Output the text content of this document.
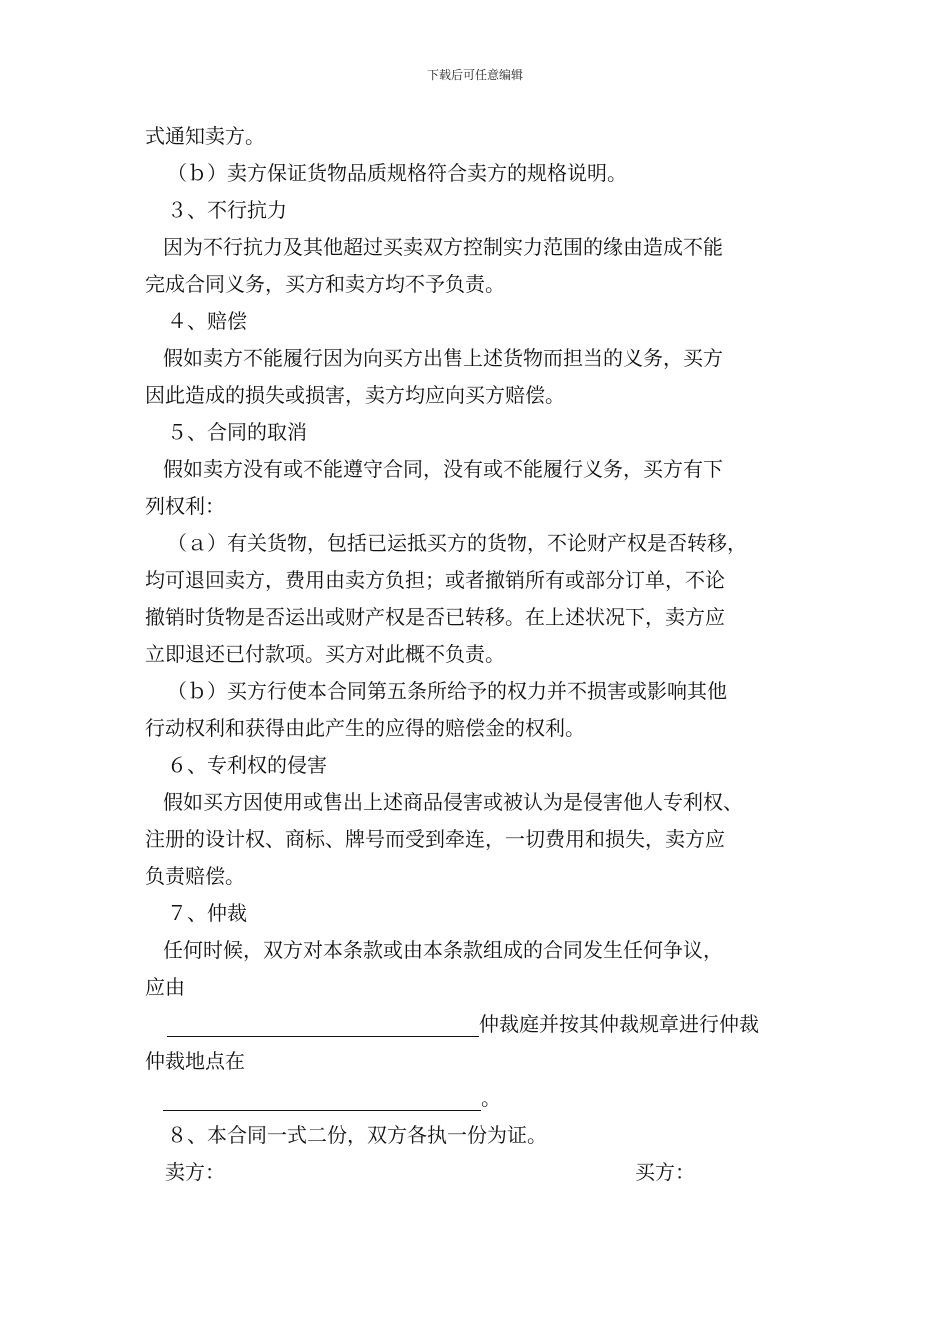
下载后可任意编辑
式通知卖方。
（ｂ）卖方保证货物品质规格符合卖方的规格说明。
３、不行抗力
因为不行抗力及其他超过买卖双方控制实力范围的缘由造成不能
完成合同义务，买方和卖方均不予负责。
４、赔偿
假如卖方不能履行因为向买方出售上述货物而担当的义务，买方
因此造成的损失或损害，卖方均应向买方赔偿。
５、合同的取消
假如卖方没有或不能遵守合同，没有或不能履行义务，买方有下
列权利：
（ａ）有关货物，包括已运抵买方的货物，不论财产权是否转移，
均可退回卖方，费用由卖方负担；或者撤销所有或部分订单，不论
撤销时货物是否运出或财产权是否已转移。在上述状况下，卖方应
立即退还已付款项。买方对此概不负责。
（ｂ）买方行使本合同第五条所给予的权力并不损害或影响其他
行动权利和获得由此产生的应得的赔偿金的权利。
６、专利权的侵害
假如买方因使用或售出上述商品侵害或被认为是侵害他人专利权、
注册的设计权、商标、牌号而受到牵连，一切费用和损失，卖方应
负责赔偿。
７、仲裁
任何时候，双方对本条款或由本条款组成的合同发生任何争议，
应由
仲裁庭并按其仲裁规章进行仲裁
仲裁地点在
。
８、本合同一式二份，双方各执一份为证。
卖方：	买方：
